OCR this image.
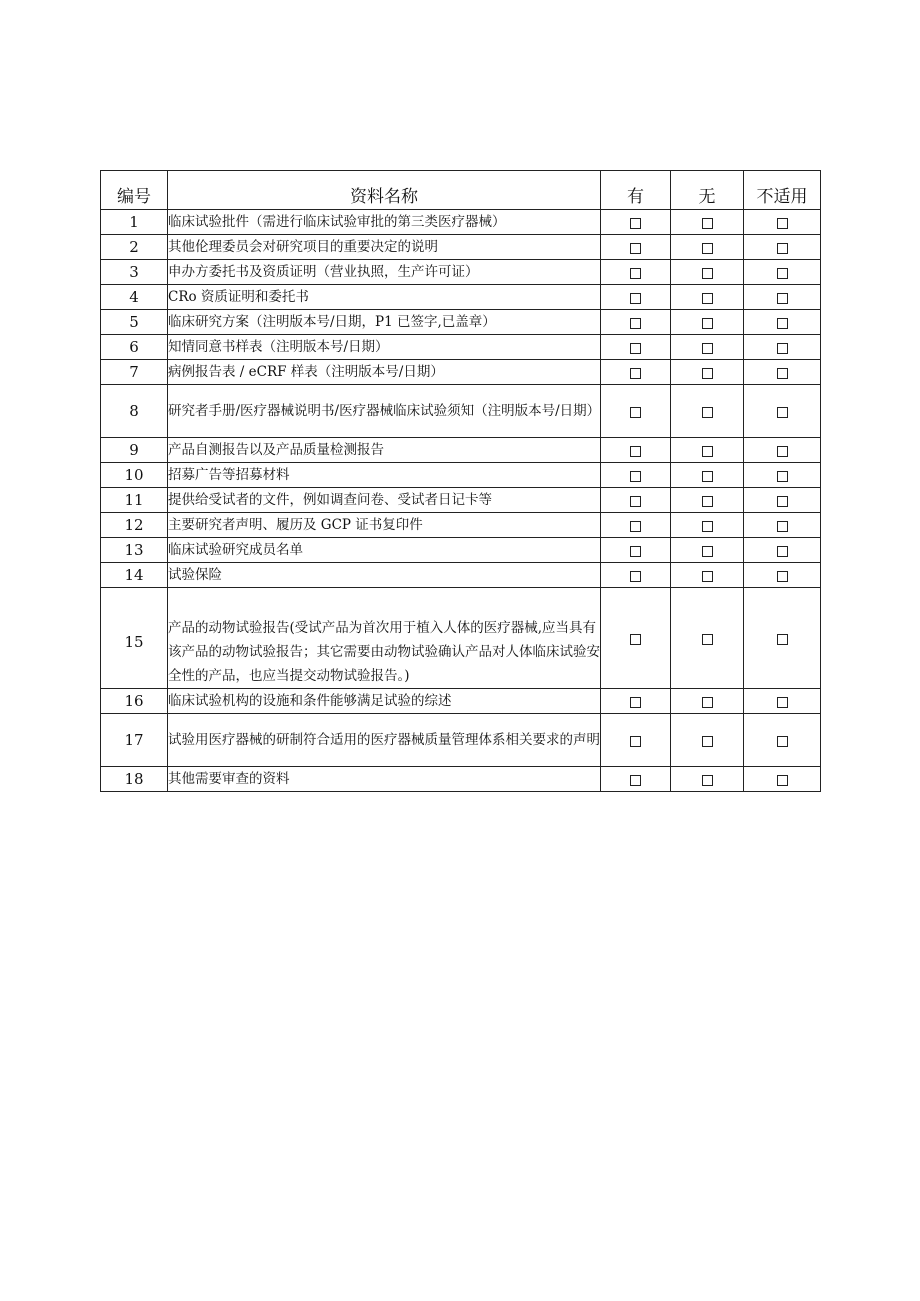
编号	资料名称	有	无	不适用
1	临床试验批件（需进行临床试验审批的第三类医疗器械）			
2	其他伦理委员会对研究项目的重要决定的说明			
3	申办方委托书及资质证明（营业执照，生产许可证）			
4	CRo 资质证明和委托书			
5	临床研究方案（注明版本号/日期，P1 已签字,已盖章）			
6	知情同意书样表（注明版本号/日期）			
7	病例报告表 / eCRF 样表（注明版本号/日期）			
8	研究者手册/医疗器械说明书/医疗器械临床试验须知（注明版本号/日期）			
9	产品自测报告以及产品质量检测报告			
10	招募广告等招募材料			
11	提供给受试者的文件，例如调查问卷、受试者日记卡等			
12	主要研究者声明、履历及 GCP 证书复印件			
13	临床试验研究成员名单			
14	试验保险			
15	产品的动物试验报告(受试产品为首次用于植入人体的医疗器械,应当具有该产品的动物试验报告；其它需要由动物试验确认产品对人体临床试验安全性的产品，也应当提交动物试验报告。)			
16	临床试验机构的设施和条件能够满足试验的综述			
17	试验用医疗器械的研制符合适用的医疗器械质量管理体系相关要求的声明			
18	其他需要审查的资料			
